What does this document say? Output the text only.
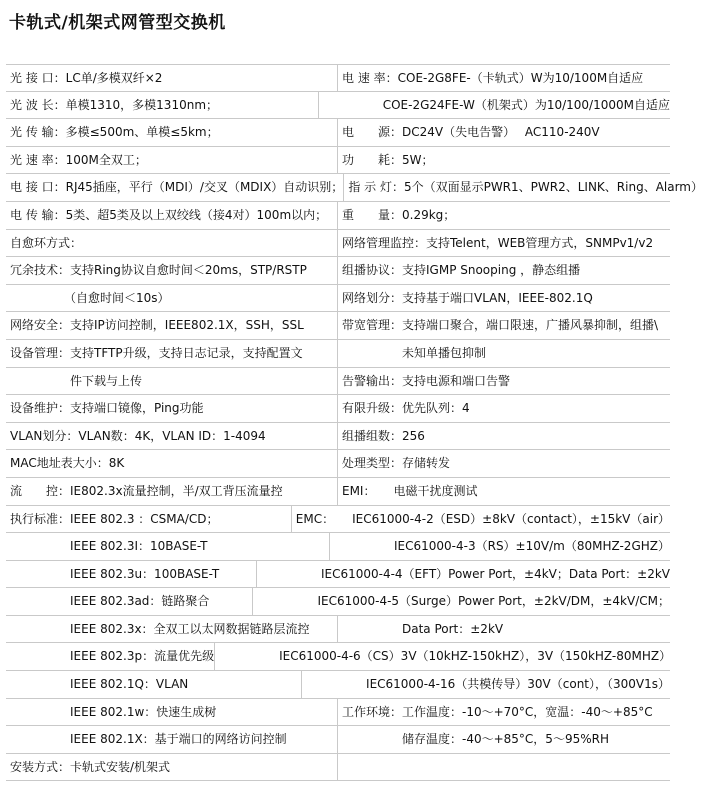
卡轨式/机架式网管型交换机
光 接 口：LC单/多模双纤×2	电 速 率：COE-2G8FE-（卡轨式）W为10/100M自适应
光 波 长：单模1310，多模1310nm；	　　　　　COE-2G24FE-W（机架式）为10/100/1000M自适应
光 传 输：多模≤500m、单模≤5km；	电　　源：DC24V（失电告警）　 AC110-240V
光 速 率：100M全双工；	功　　耗：5W；
电 接 口：RJ45插座，平行（MDI）/交叉（MDIX）自动识别； 指 示 灯：5个（双面显示PWR1、PWR2、LINK、Ring、Alarm）
电 传 输：5类、超5类及以上双绞线（接4对）100m以内；	重　　量：0.29kg；
自愈环方式：	网络管理监控：支持Telent，WEB管理方式，SNMPv1/v2
冗余技术：支持Ring协议自愈时间＜20ms，STP/RSTP	组播协议：支持IGMP Snooping ，静态组播
　　　　　（自愈时间＜10s）	网络划分：支持基于端口VLAN，IEEE-802.1Q
网络安全：支持IP访问控制，IEEE802.1X，SSH，SSL	带宽管理：支持端口聚合，端口限速，广播风暴抑制，组播\
设备管理：支持TFTP升级，支持日志记录，支持配置文	　　　　　未知单播包抑制
　　　　　件下载与上传	告警输出：支持电源和端口告警
设备维护：支持端口镜像，Ping功能	有限升级：优先队列：4
VLAN划分：VLAN数：4K，VLAN ID：1-4094	组播组数：256
MAC地址表大小：8K	处理类型：存储转发
流　　控：IE802.3x流量控制，半/双工背压流量控	EMI：　　电磁干扰度测试
执行标准：IEEE 802.3 ：CSMA/CD；	EMC：　　IEC61000-4-2（ESD）±8kV（contact），±15kV（air）
　　　　　IEEE 802.3I：10BASE-T	　　　　　IEC61000-4-3（RS）±10V/m（80MHZ-2GHZ）
　　　　　IEEE 802.3u：100BASE-T	　　　　　IEC61000-4-4（EFT）Power Port，±4kV；Data Port：±2kV
　　　　　IEEE 802.3ad：链路聚合	　　　　　IEC61000-4-5（Surge）Power Port，±2kV/DM，±4kV/CM；
　　　　　IEEE 802.3x：全双工以太网数据链路层流控	　　　　　Data Port：±2kV
　　　　　IEEE 802.3p：流量优先级 　　　　　IEC61000-4-6（CS）3V（10kHZ-150kHZ），3V（150kHZ-80MHZ）
　　　　　IEEE 802.1Q：VLAN	　　　　　IEC61000-4-16（共模传导）30V（cont），（300V1s）
　　　　　IEEE 802.1w：快速生成树	工作环境：工作温度：-10～+70°C，宽温：-40～+85°C
　　　　　IEEE 802.1X：基于端口的网络访问控制	　　　　　储存温度：-40～+85°C，5～95%RH
安装方式：卡轨式安装/机架式
